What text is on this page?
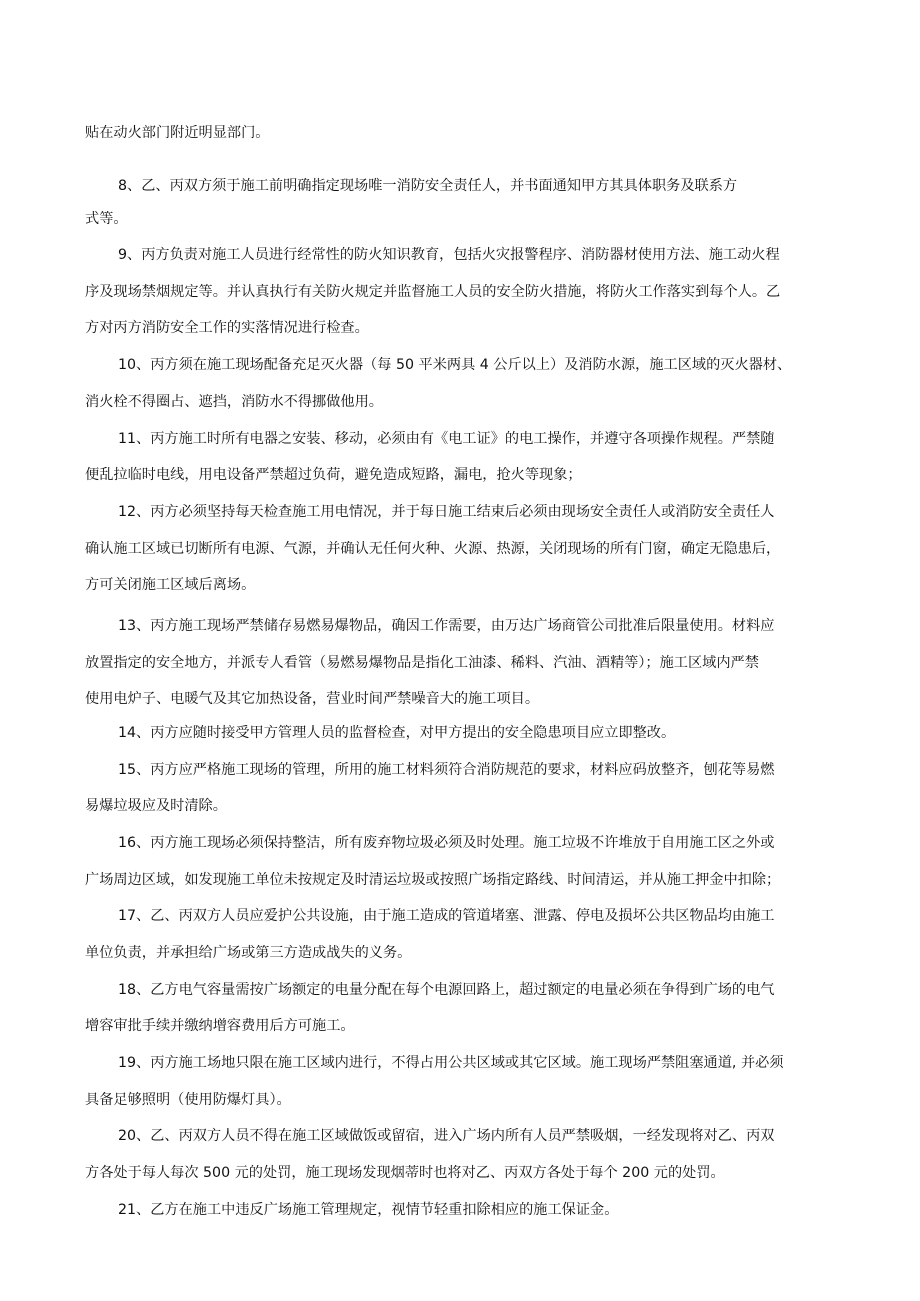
贴在动火部门附近明显部门。
8、乙、丙双方须于施工前明确指定现场唯一消防安全责任人，并书面通知甲方其具体职务及联系方
式等。
9、丙方负责对施工人员进行经常性的防火知识教育，包括火灾报警程序、消防器材使用方法、施工动火程
序及现场禁烟规定等。并认真执行有关防火规定并监督施工人员的安全防火措施，将防火工作落实到每个人。乙
方对丙方消防安全工作的实落情况进行检查。
10、丙方须在施工现场配备充足灭火器（每 50 平米两具 4 公斤以上）及消防水源，施工区域的灭火器材、
消火栓不得圈占、遮挡，消防水不得挪做他用。
11、丙方施工时所有电器之安装、移动，必须由有《电工证》的电工操作，并遵守各项操作规程。严禁随
便乱拉临时电线，用电设备严禁超过负荷，避免造成短路，漏电，抢火等现象；
12、丙方必须坚持每天检查施工用电情况，并于每日施工结束后必须由现场安全责任人或消防安全责任人
确认施工区域已切断所有电源、气源，并确认无任何火种、火源、热源，关闭现场的所有门窗，确定无隐患后，
方可关闭施工区域后离场。
13、丙方施工现场严禁储存易燃易爆物品，确因工作需要，由万达广场商管公司批准后限量使用。材料应
放置指定的安全地方，并派专人看管（易燃易爆物品是指化工油漆、稀料、汽油、酒精等）；施工区域内严禁
使用电炉子、电暖气及其它加热设备，营业时间严禁噪音大的施工项目。
14、丙方应随时接受甲方管理人员的监督检查，对甲方提出的安全隐患项目应立即整改。
15、丙方应严格施工现场的管理，所用的施工材料须符合消防规范的要求，材料应码放整齐，刨花等易燃
易爆垃圾应及时清除。
16、丙方施工现场必须保持整洁，所有废弃物垃圾必须及时处理。施工垃圾不许堆放于自用施工区之外或
广场周边区域，如发现施工单位未按规定及时清运垃圾或按照广场指定路线、时间清运，并从施工押金中扣除；
17、乙、丙双方人员应爱护公共设施，由于施工造成的管道堵塞、泄露、停电及损坏公共区物品均由施工
单位负责，并承担给广场或第三方造成战失的义务。
18、乙方电气容量需按广场额定的电量分配在每个电源回路上，超过额定的电量必须在争得到广场的电气
增容审批手续并缴纳增容费用后方可施工。
19、丙方施工场地只限在施工区域内进行，不得占用公共区域或其它区域。施工现场严禁阻塞通道, 并必须
具备足够照明（使用防爆灯具）。
20、乙、丙双方人员不得在施工区域做饭或留宿，进入广场内所有人员严禁吸烟，一经发现将对乙、丙双
方各处于每人每次 500 元的处罚，施工现场发现烟蒂时也将对乙、丙双方各处于每个 200 元的处罚。
21、乙方在施工中违反广场施工管理规定，视情节轻重扣除相应的施工保证金。
